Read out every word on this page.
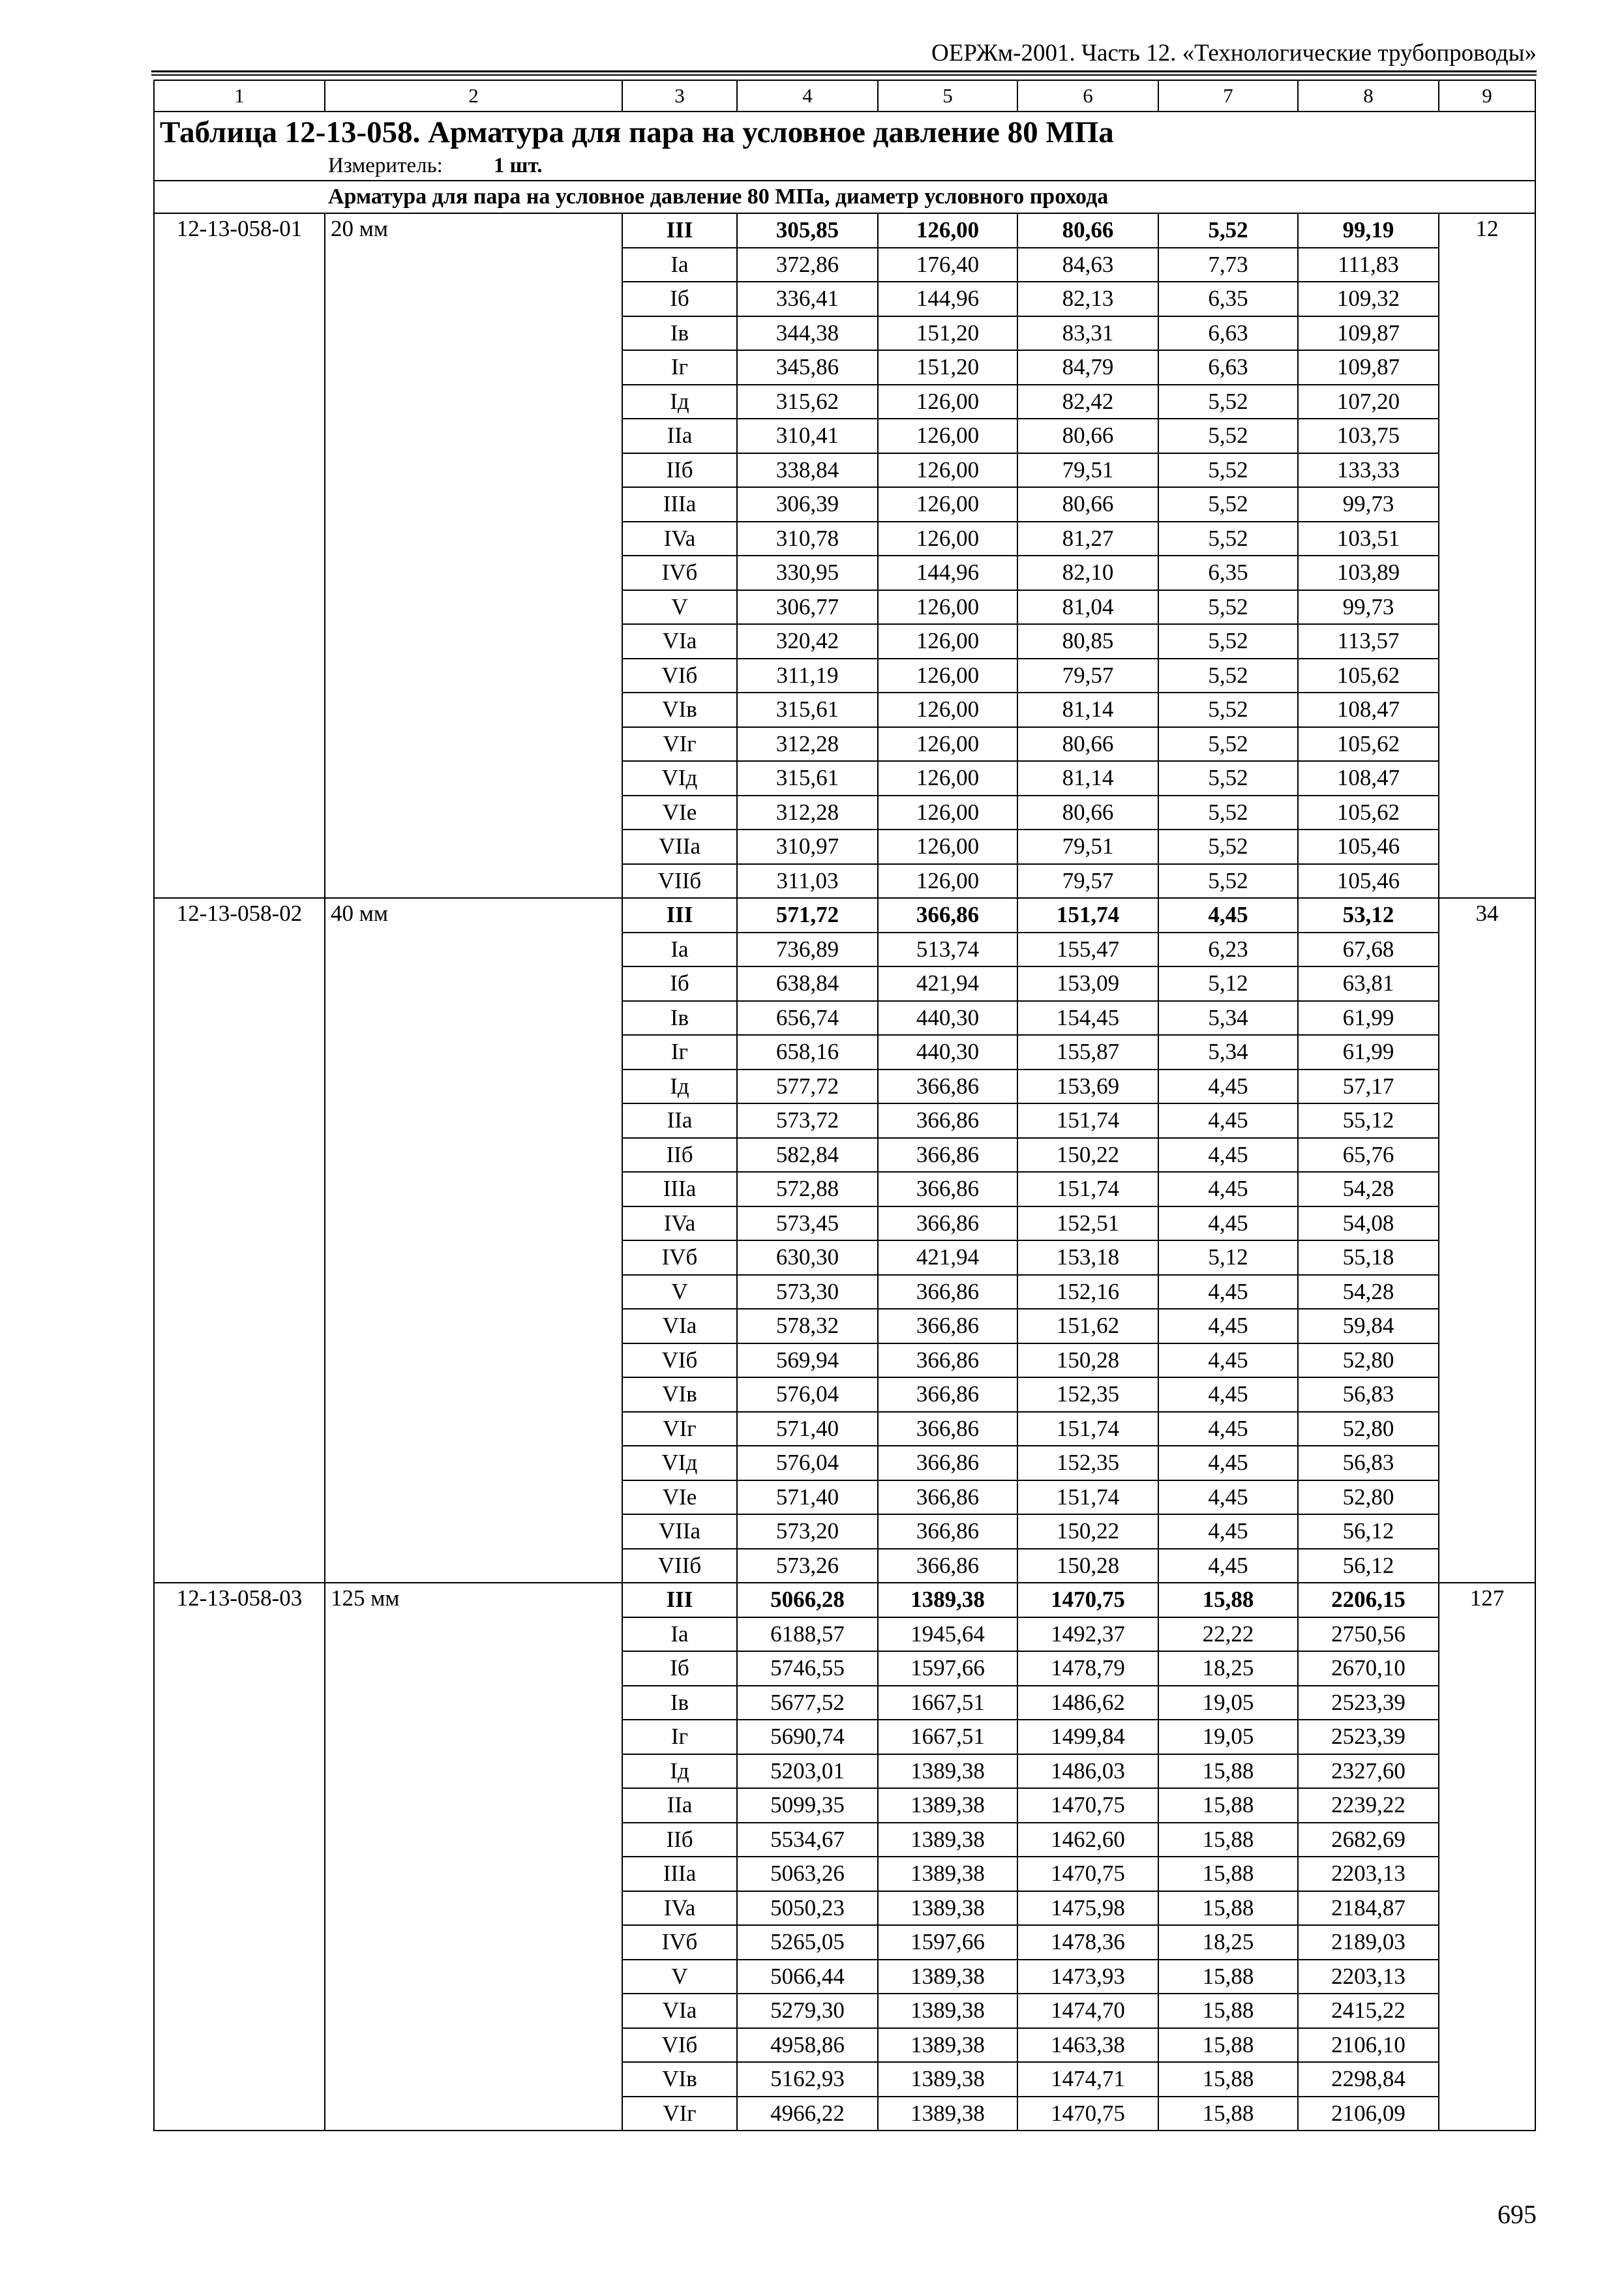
ОЕРЖм-2001. Часть 12. «Технологические трубопроводы»
1	2	3	4	5	6	7	8	9

Таблица 12-13-058. Арматура для пара на условное давление 80 МПа
Измеритель: 1 шт.								

Арматура для пара на условное давление 80 МПа, диаметр условного прохода								
12-13-058-01	20 мм	III	305,85	126,00	80,66	5,52	99,19	12
		Ia	372,86	176,40	84,63	7,73	111,83	
		Iб	336,41	144,96	82,13	6,35	109,32	
		Iв	344,38	151,20	83,31	6,63	109,87	
		Iг	345,86	151,20	84,79	6,63	109,87	
		Iд	315,62	126,00	82,42	5,52	107,20	
		IIa	310,41	126,00	80,66	5,52	103,75	
		IIб	338,84	126,00	79,51	5,52	133,33	
		IIIa	306,39	126,00	80,66	5,52	99,73	
		IVa	310,78	126,00	81,27	5,52	103,51	
		IVб	330,95	144,96	82,10	6,35	103,89	
		V	306,77	126,00	81,04	5,52	99,73	
		VIa	320,42	126,00	80,85	5,52	113,57	
		VIб	311,19	126,00	79,57	5,52	105,62	
		VIв	315,61	126,00	81,14	5,52	108,47	
		VIг	312,28	126,00	80,66	5,52	105,62	
		VIд	315,61	126,00	81,14	5,52	108,47	
		VIe	312,28	126,00	80,66	5,52	105,62	
		VIIa	310,97	126,00	79,51	5,52	105,46	
		VIIб	311,03	126,00	79,57	5,52	105,46	
12-13-058-02	40 мм	III	571,72	366,86	151,74	4,45	53,12	34
		Ia	736,89	513,74	155,47	6,23	67,68	
		Iб	638,84	421,94	153,09	5,12	63,81	
		Iв	656,74	440,30	154,45	5,34	61,99	
		Iг	658,16	440,30	155,87	5,34	61,99	
		Iд	577,72	366,86	153,69	4,45	57,17	
		IIa	573,72	366,86	151,74	4,45	55,12	
		IIб	582,84	366,86	150,22	4,45	65,76	
		IIIa	572,88	366,86	151,74	4,45	54,28	
		IVa	573,45	366,86	152,51	4,45	54,08	
		IVб	630,30	421,94	153,18	5,12	55,18	
		V	573,30	366,86	152,16	4,45	54,28	
		VIa	578,32	366,86	151,62	4,45	59,84	
		VIб	569,94	366,86	150,28	4,45	52,80	
		VIв	576,04	366,86	152,35	4,45	56,83	
		VIг	571,40	366,86	151,74	4,45	52,80	
		VIд	576,04	366,86	152,35	4,45	56,83	
		VIe	571,40	366,86	151,74	4,45	52,80	
		VIIa	573,20	366,86	150,22	4,45	56,12	
		VIIб	573,26	366,86	150,28	4,45	56,12	
12-13-058-03	125 мм	III	5066,28	1389,38	1470,75	15,88	2206,15	127
		Ia	6188,57	1945,64	1492,37	22,22	2750,56	
		Iб	5746,55	1597,66	1478,79	18,25	2670,10	
		Iв	5677,52	1667,51	1486,62	19,05	2523,39	
		Iг	5690,74	1667,51	1499,84	19,05	2523,39	
		Iд	5203,01	1389,38	1486,03	15,88	2327,60	
		IIa	5099,35	1389,38	1470,75	15,88	2239,22	
		IIб	5534,67	1389,38	1462,60	15,88	2682,69	
		IIIa	5063,26	1389,38	1470,75	15,88	2203,13	
		IVa	5050,23	1389,38	1475,98	15,88	2184,87	
		IVб	5265,05	1597,66	1478,36	18,25	2189,03	
		V	5066,44	1389,38	1473,93	15,88	2203,13	
		VIa	5279,30	1389,38	1474,70	15,88	2415,22	
		VIб	4958,86	1389,38	1463,38	15,88	2106,10	
		VIв	5162,93	1389,38	1474,71	15,88	2298,84	
		VIг	4966,22	1389,38	1470,75	15,88	2106,09	
695
